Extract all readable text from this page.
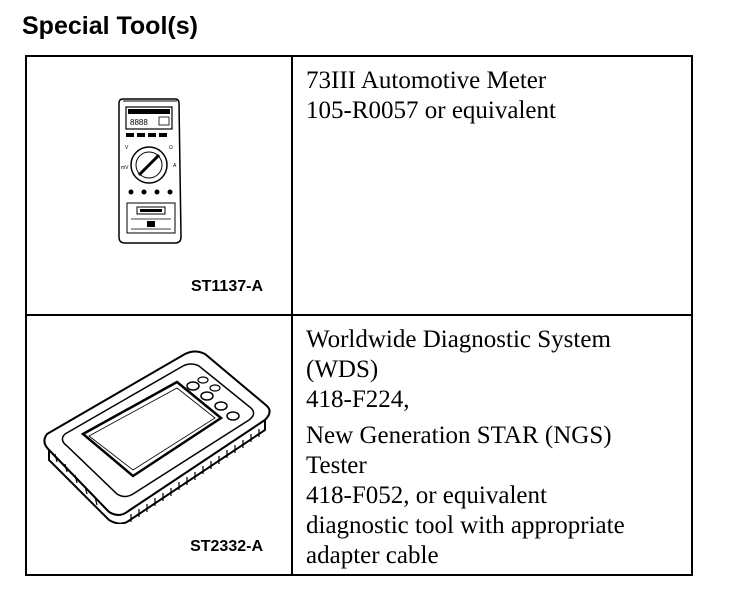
Special Tool(s)
8888
V	Ω
A
mV
ST1137-A
73III Automotive Meter
105-R0057 or equivalent
ST2332-A
Worldwide Diagnostic System
(WDS)
418-F224,
New Generation STAR (NGS)
Tester
418-F052, or equivalent
diagnostic tool with appropriate
adapter cable
